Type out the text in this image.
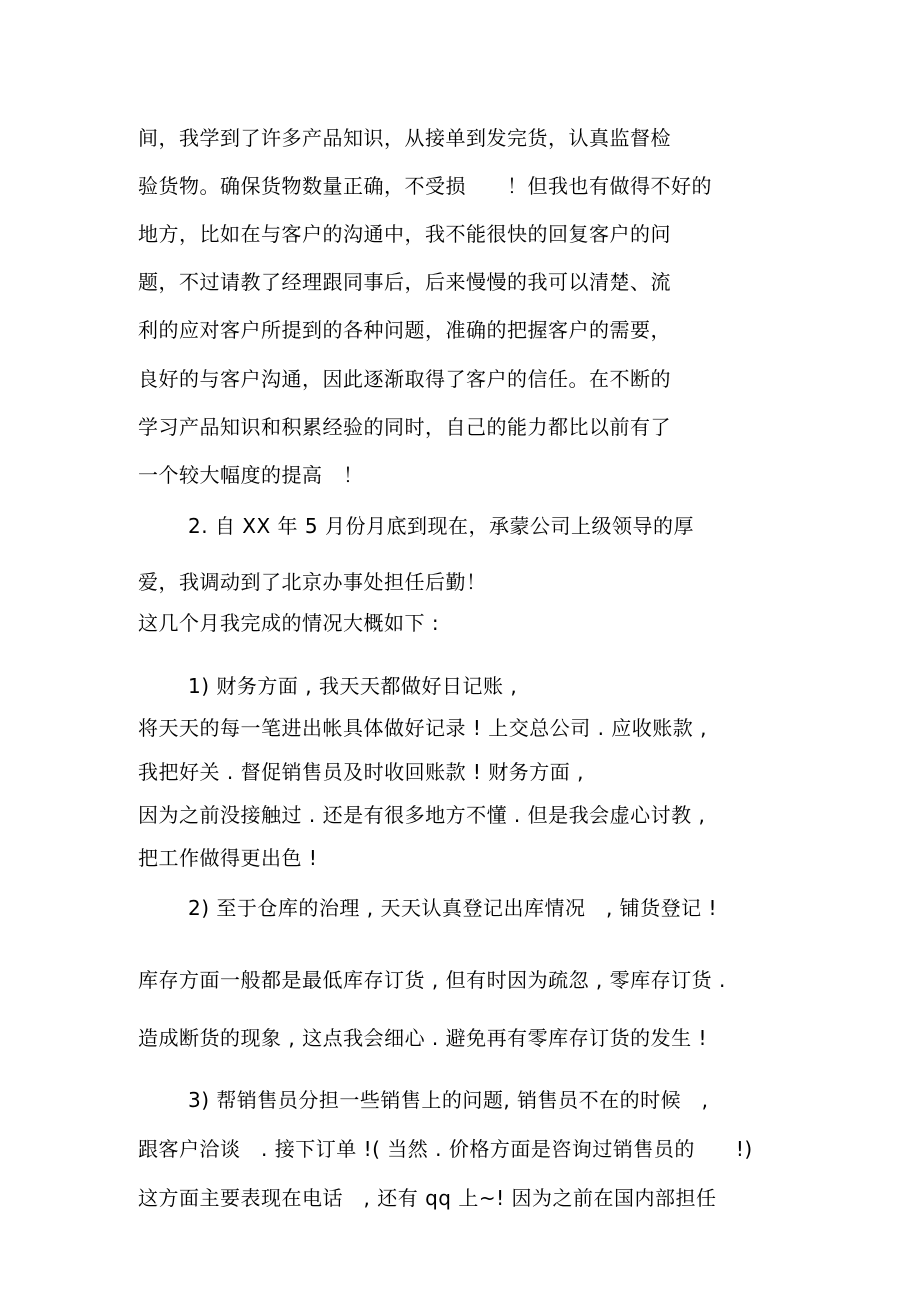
间，我学到了许多产品知识，从接单到发完货，认真监督检
验货物。确保货物数量正确，不受损　　！但我也有做得不好的
地方，比如在与客户的沟通中，我不能很快的回复客户的问
题，不过请教了经理跟同事后，后来慢慢的我可以清楚、流
利的应对客户所提到的各种问题，准确的把握客户的需要，
良好的与客户沟通，因此逐渐取得了客户的信任。在不断的
学习产品知识和积累经验的同时，自己的能力都比以前有了
一个较大幅度的提高　！
2. 自 XX 年 5 月份月底到现在，承蒙公司上级领导的厚
爱，我调动到了北京办事处担任后勤！
这几个月我完成的情况大概如下 :
1) 财务方面 , 我天天都做好日记账 ,
将天天的每一笔进出帐具体做好记录 ! 上交总公司 . 应收账款 ,
我把好关 . 督促销售员及时收回账款 ! 财务方面 ,
因为之前没接触过 . 还是有很多地方不懂 . 但是我会虚心讨教 ,
把工作做得更出色 !
2) 至于仓库的治理 , 天天认真登记出库情况　, 铺货登记 !
库存方面一般都是最低库存订货 , 但有时因为疏忽 , 零库存订货 .
造成断货的现象 , 这点我会细心 . 避免再有零库存订货的发生 !
3) 帮销售员分担一些销售上的问题, 销售员不在的时候　,
跟客户洽谈　. 接下订单 !( 当然 . 价格方面是咨询过销售员的　　!)
这方面主要表现在电话　, 还有 qq 上~! 因为之前在国内部担任
